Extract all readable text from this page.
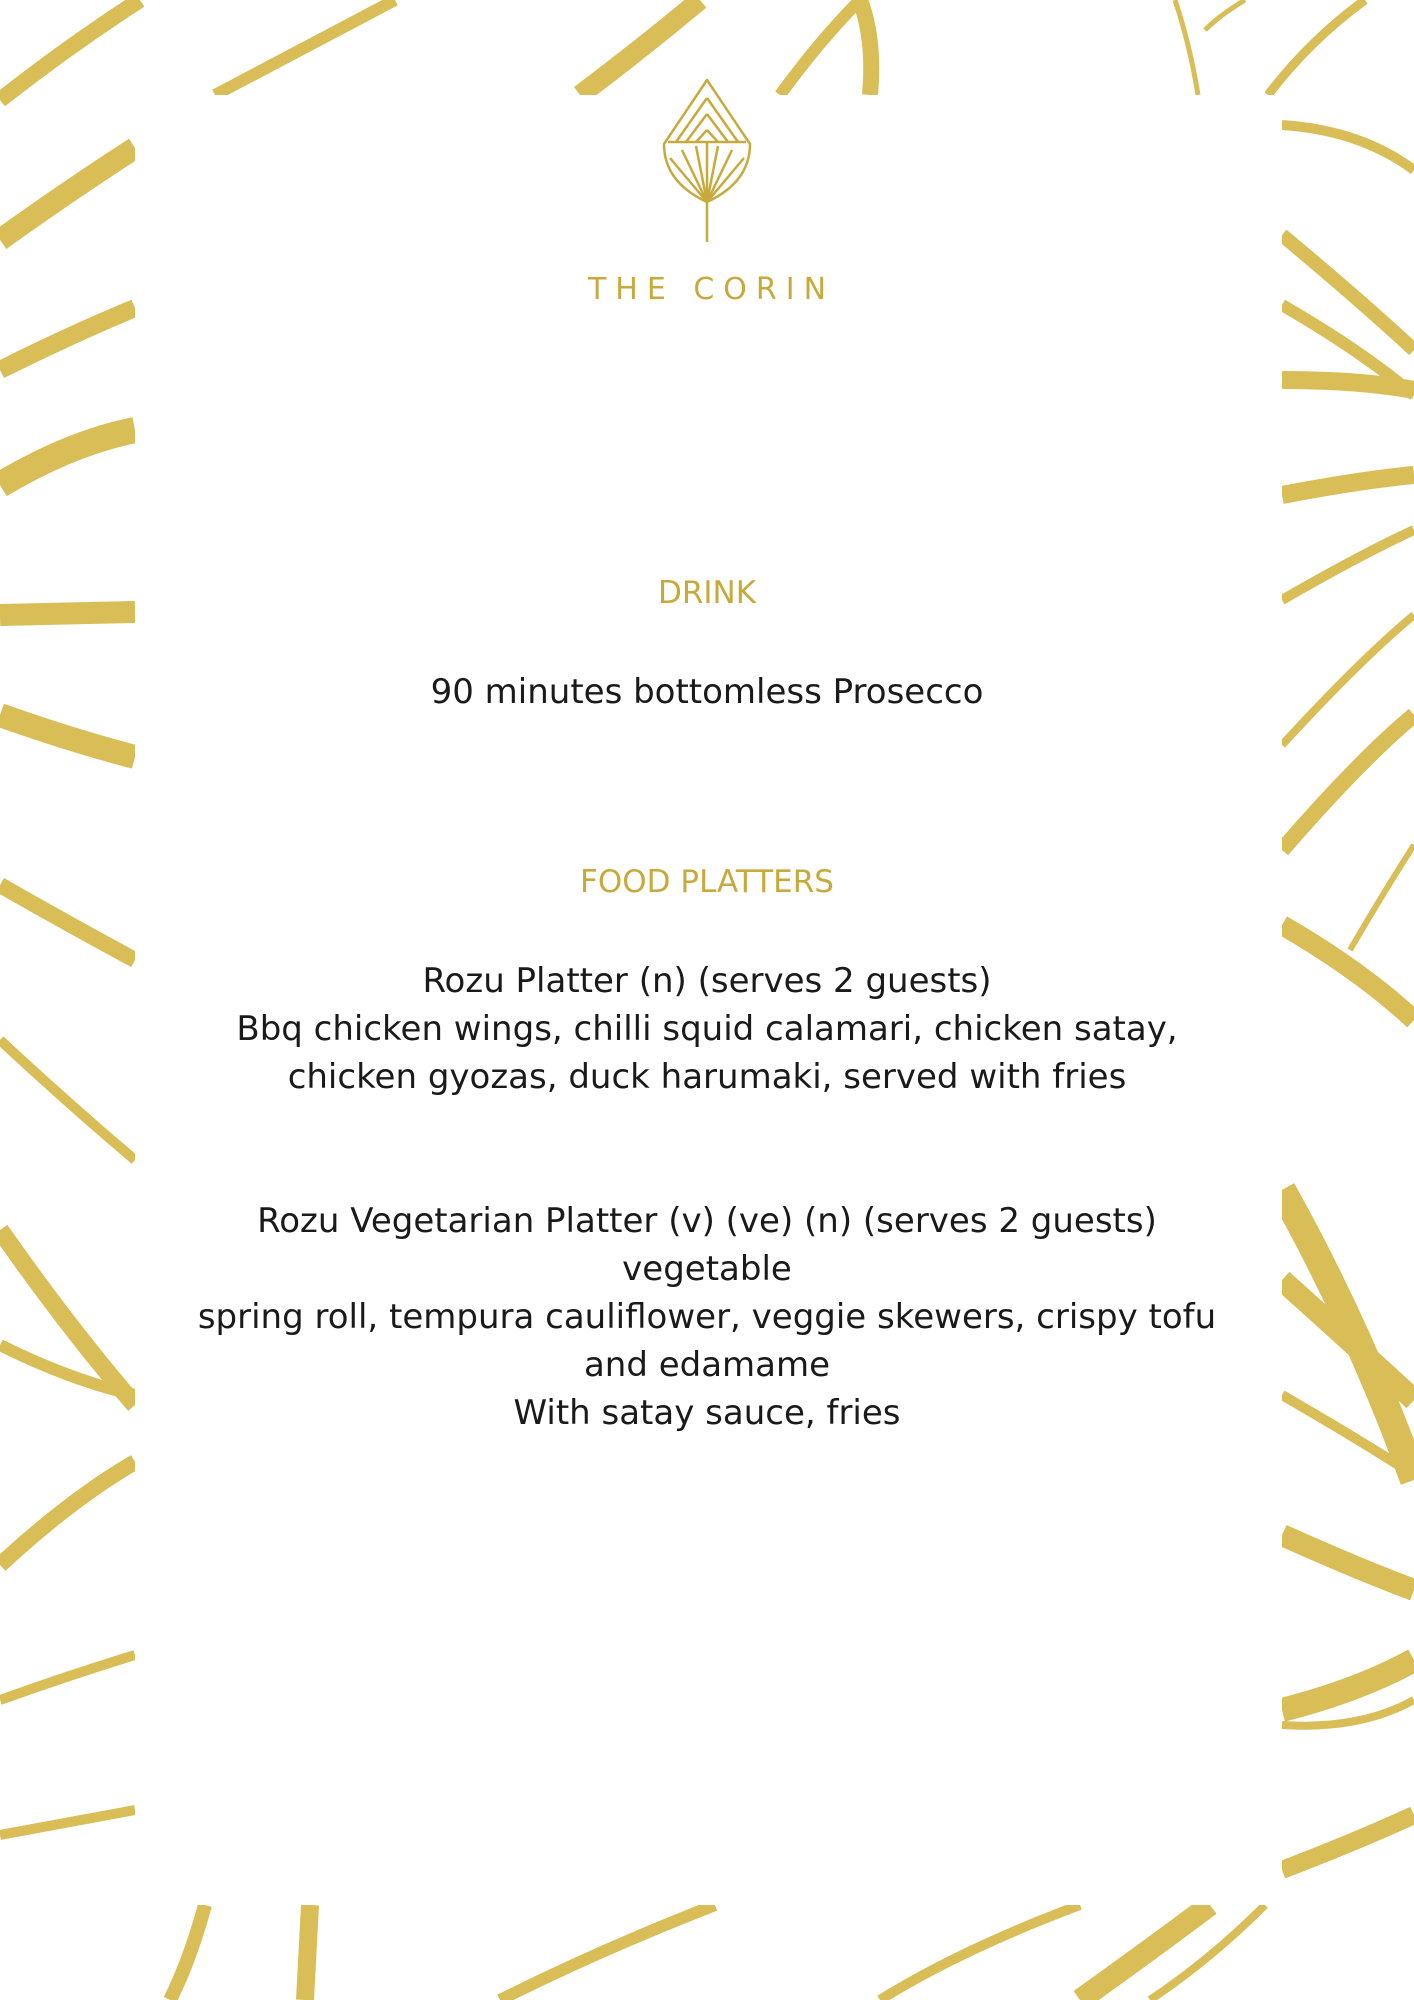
THE CORIN
DRINK
90 minutes bottomless Prosecco
FOOD PLATTERS
Rozu Platter (n) (serves 2 guests)
Bbq chicken wings, chilli squid calamari, chicken satay,
chicken gyozas, duck harumaki, served with fries
Rozu Vegetarian Platter (v) (ve) (n) (serves 2 guests) vegetable
spring roll, tempura cauliflower, veggie skewers, crispy tofu
and edamame
With satay sauce, fries
